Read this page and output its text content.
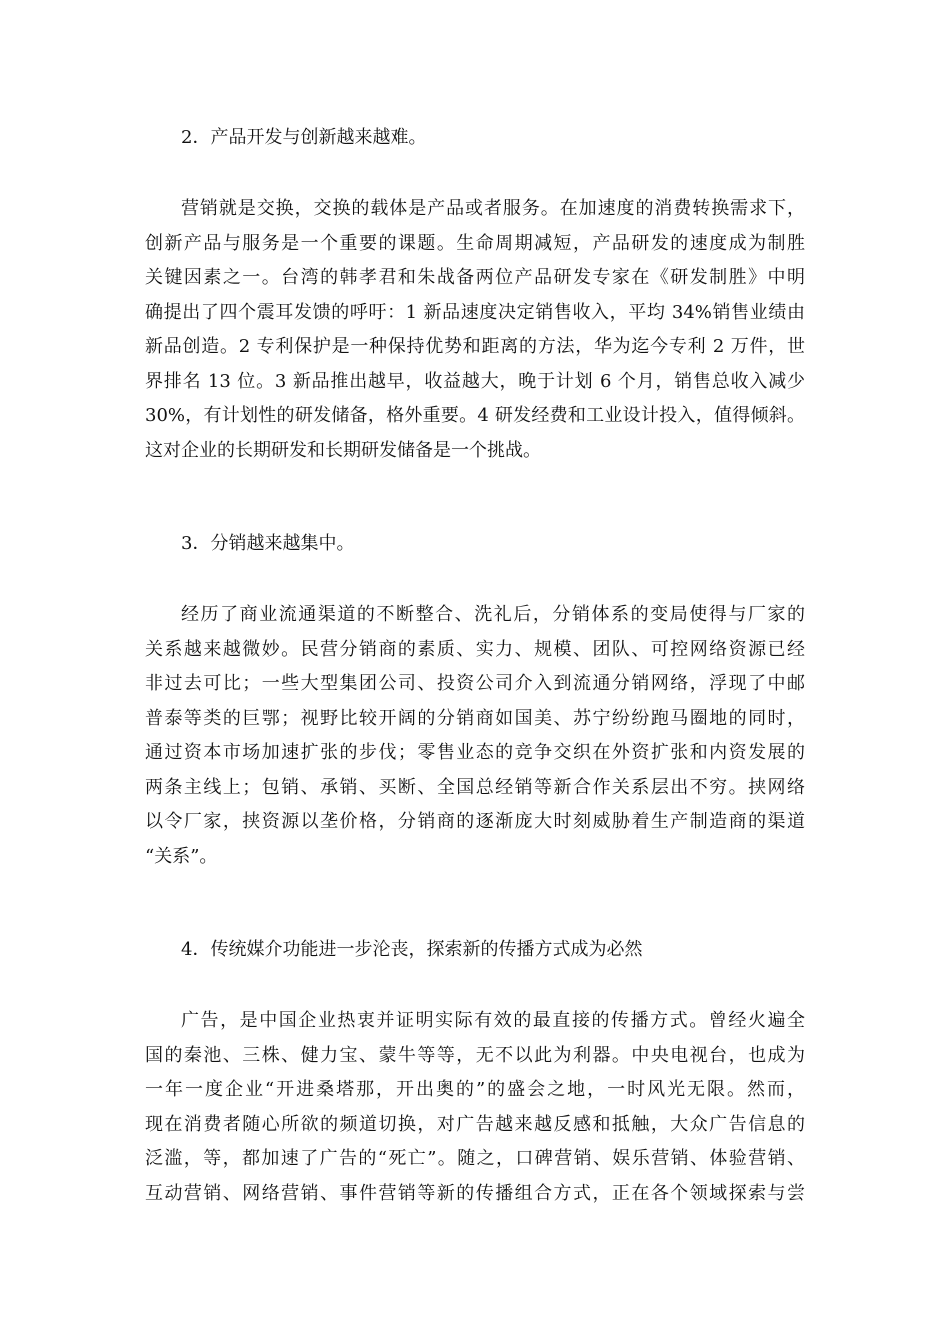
2．产品开发与创新越来越难。
营销就是交换，交换的载体是产品或者服务。在加速度的消费转换需求下，
创新产品与服务是一个重要的课题。生命周期减短，产品研发的速度成为制胜
关键因素之一。台湾的韩孝君和朱战备两位产品研发专家在《研发制胜》中明
确提出了四个震耳发馈的呼吁：1 新品速度决定销售收入，平均 34%销售业绩由
新品创造。2 专利保护是一种保持优势和距离的方法，华为迄今专利 2 万件，世
界排名 13 位。3 新品推出越早，收益越大，晚于计划 6 个月，销售总收入减少
30%，有计划性的研发储备，格外重要。4 研发经费和工业设计投入，值得倾斜。
这对企业的长期研发和长期研发储备是一个挑战。
3．分销越来越集中。
经历了商业流通渠道的不断整合、洗礼后，分销体系的变局使得与厂家的
关系越来越微妙。民营分销商的素质、实力、规模、团队、可控网络资源已经
非过去可比；一些大型集团公司、投资公司介入到流通分销网络，浮现了中邮
普泰等类的巨鄂；视野比较开阔的分销商如国美、苏宁纷纷跑马圈地的同时，
通过资本市场加速扩张的步伐；零售业态的竞争交织在外资扩张和内资发展的
两条主线上；包销、承销、买断、全国总经销等新合作关系层出不穷。挟网络
以令厂家，挟资源以垄价格，分销商的逐渐庞大时刻威胁着生产制造商的渠道
“关系”。
4．传统媒介功能进一步沦丧，探索新的传播方式成为必然
广告，是中国企业热衷并证明实际有效的最直接的传播方式。曾经火遍全
国的秦池、三株、健力宝、蒙牛等等，无不以此为利器。中央电视台，也成为
一年一度企业“开进桑塔那，开出奥的”的盛会之地，一时风光无限。然而，
现在消费者随心所欲的频道切换，对广告越来越反感和抵触，大众广告信息的
泛滥，等，都加速了广告的“死亡”。随之，口碑营销、娱乐营销、体验营销、
互动营销、网络营销、事件营销等新的传播组合方式，正在各个领域探索与尝
